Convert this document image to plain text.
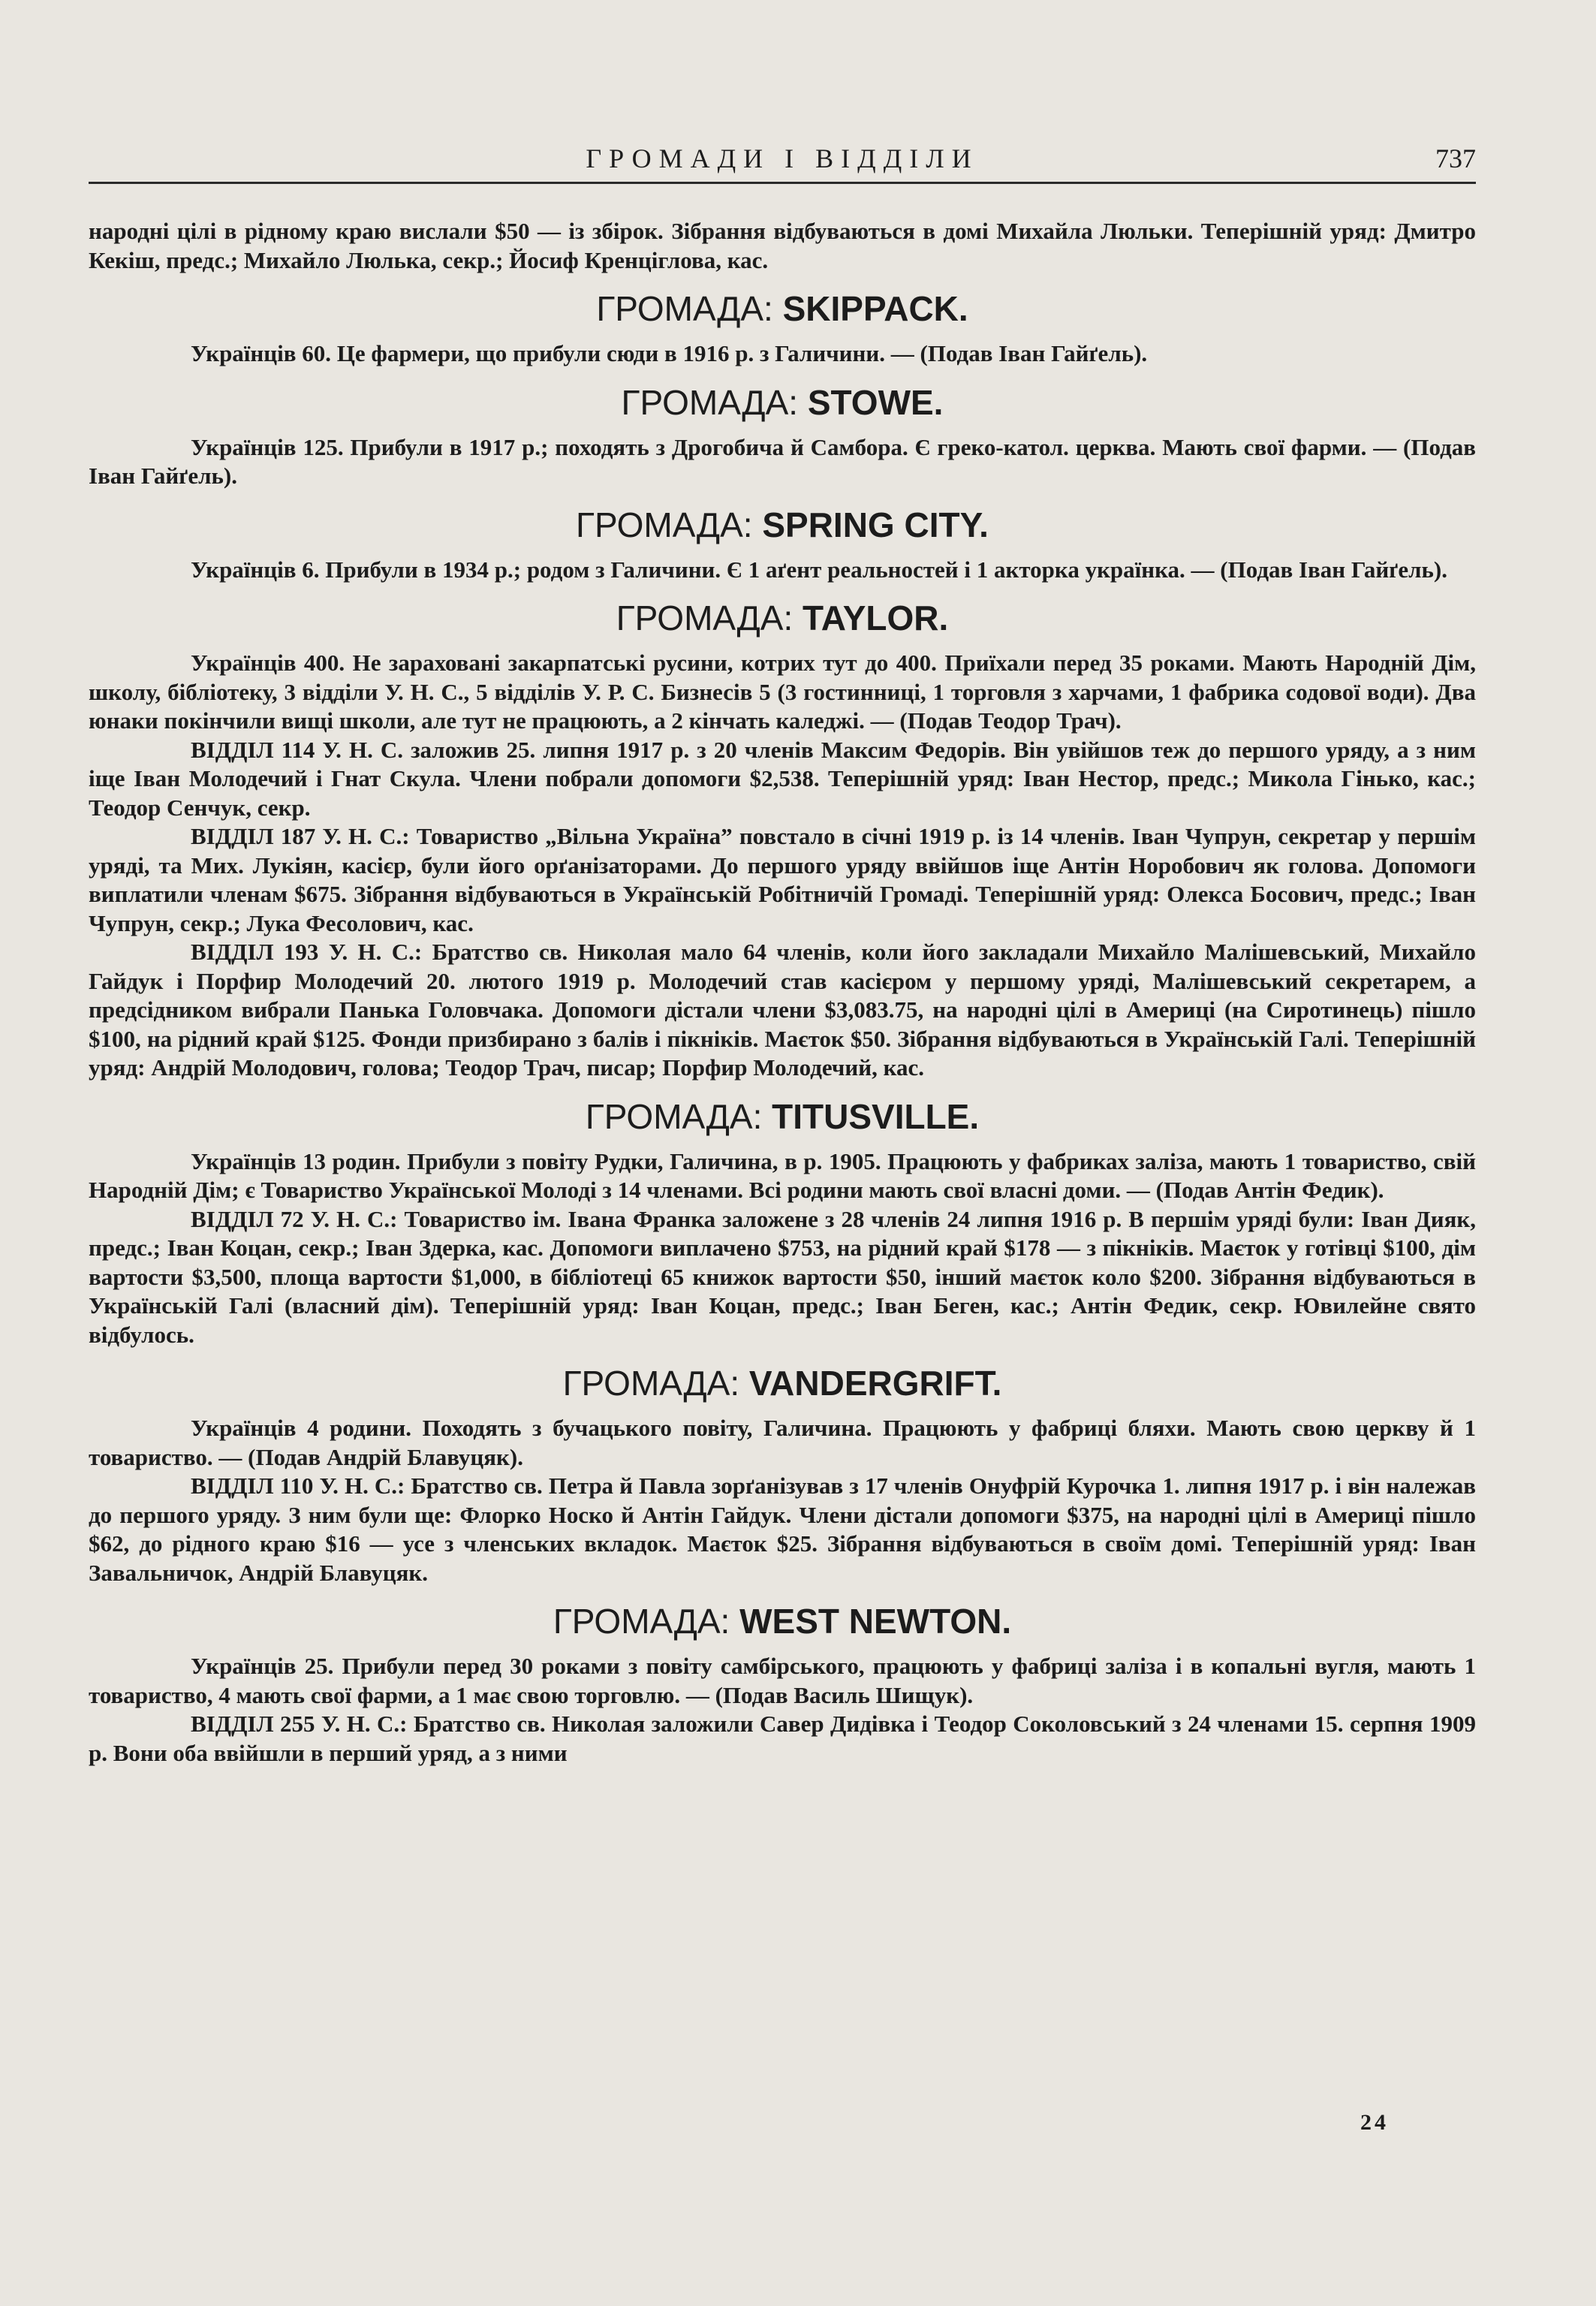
ГРОМАДИ І ВІДДІЛИ	737

народні цілі в рідному краю вислали $50 — із збірок. Зібрання відбуваються в домі Михайла Люльки. Теперішній уряд: Дмитро Кекіш, предс.; Михайло Люлька, секр.; Йосиф Кренціглова, кас.

ГРОМАДА: SKIPPACK.

Українців 60. Це фармери, що прибули сюди в 1916 р. з Галичини. — (Подав Іван Гайґель).

ГРОМАДА: STOWE.

Українців 125. Прибули в 1917 р.; походять з Дрогобича й Самбора. Є греко-катол. церква. Мають свої фарми. — (Подав Іван Гайґель).

ГРОМАДА: SPRING CITY.

Українців 6. Прибули в 1934 р.; родом з Галичини. Є 1 аґент реальностей і 1 акторка українка. — (Подав Іван Гайґель).

ГРОМАДА: TAYLOR.

Українців 400. Не зараховані закарпатські русини, котрих тут до 400. Приїхали перед 35 роками. Мають Народній Дім, школу, бібліотеку, 3 відділи У. Н. С., 5 відділів У. Р. С. Бизнесів 5 (3 гостинниці, 1 торговля з харчами, 1 фабрика содової води). Два юнаки покінчили вищі школи, але тут не працюють, а 2 кінчать каледжі. — (Подав Теодор Трач).

ВІДДІЛ 114 У. Н. С. заложив 25. липня 1917 р. з 20 членів Максим Федорів. Він увійшов теж до першого уряду, а з ним іще Іван Молодечий і Гнат Скула. Члени побрали допомоги $2,538. Теперішній уряд: Іван Нестор, предс.; Микола Гінько, кас.; Теодор Сенчук, секр.

ВІДДІЛ 187 У. Н. С.: Товариство „Вільна Україна” повстало в січні 1919 р. із 14 членів. Іван Чупрун, секретар у першім уряді, та Мих. Лукіян, касієр, були його орґанізаторами. До першого уряду ввійшов іще Антін Норобович як голова. Допомоги виплатили членам $675. Зібрання відбуваються в Українській Робітничій Громаді. Теперішній уряд: Олекса Босович, предс.; Іван Чупрун, секр.; Лука Фесолович, кас.

ВІДДІЛ 193 У. Н. С.: Братство св. Николая мало 64 членів, коли його закладали Михайло Малішевський, Михайло Гайдук і Порфир Молодечий 20. лютого 1919 р. Молодечий став касієром у першому уряді, Малішевський секретарем, а предсідником вибрали Панька Головчака. Допомоги дістали члени $3,083.75, на народні цілі в Америці (на Сиротинець) пішло $100, на рідний край $125. Фонди призбирано з балів і пікніків. Маєток $50. Зібрання відбуваються в Українській Галі. Теперішній уряд: Андрій Молодович, голова; Теодор Трач, писар; Порфир Молодечий, кас.

ГРОМАДА: TITUSVILLE.

Українців 13 родин. Прибули з повіту Рудки, Галичина, в р. 1905. Працюють у фабриках заліза, мають 1 товариство, свій Народній Дім; є Товариство Української Молоді з 14 членами. Всі родини мають свої власні доми. — (Подав Антін Федик).

ВІДДІЛ 72 У. Н. С.: Товариство ім. Івана Франка заложене з 28 членів 24 липня 1916 р. В першім уряді були: Іван Дияк, предс.; Іван Коцан, секр.; Іван Здерка, кас. Допомоги виплачено $753, на рідний край $178 — з пікніків. Маєток у готівці $100, дім вартости $3,500, площа вартости $1,000, в бібліотеці 65 книжок вартости $50, інший маєток коло $200. Зібрання відбуваються в Українській Галі (власний дім). Теперішній уряд: Іван Коцан, предс.; Іван Беген, кас.; Антін Федик, секр. Ювилейне свято відбулось.

ГРОМАДА: VANDERGRIFT.

Українців 4 родини. Походять з бучацького повіту, Галичина. Працюють у фабриці бляхи. Мають свою церкву й 1 товариство. — (Подав Андрій Блавуцяк).

ВІДДІЛ 110 У. Н. С.: Братство св. Петра й Павла зорґанізував з 17 членів Онуфрій Курочка 1. липня 1917 р. і він належав до першого уряду. З ним були ще: Флорко Носко й Антін Гайдук. Члени дістали допомоги $375, на народні цілі в Америці пішло $62, до рідного краю $16 — усе з членських вкладок. Маєток $25. Зібрання відбуваються в своїм домі. Теперішній уряд: Іван Завальничок, Андрій Блавуцяк.

ГРОМАДА: WEST NEWTON.

Українців 25. Прибули перед 30 роками з повіту самбірського, працюють у фабриці заліза і в копальні вугля, мають 1 товариство, 4 мають свої фарми, а 1 має свою торговлю. — (Подав Василь Шищук).

ВІДДІЛ 255 У. Н. С.: Братство св. Николая заложили Савер Дидівка і Теодор Соколовський з 24 членами 15. серпня 1909 р. Вони оба ввійшли в перший уряд, а з ними

24
